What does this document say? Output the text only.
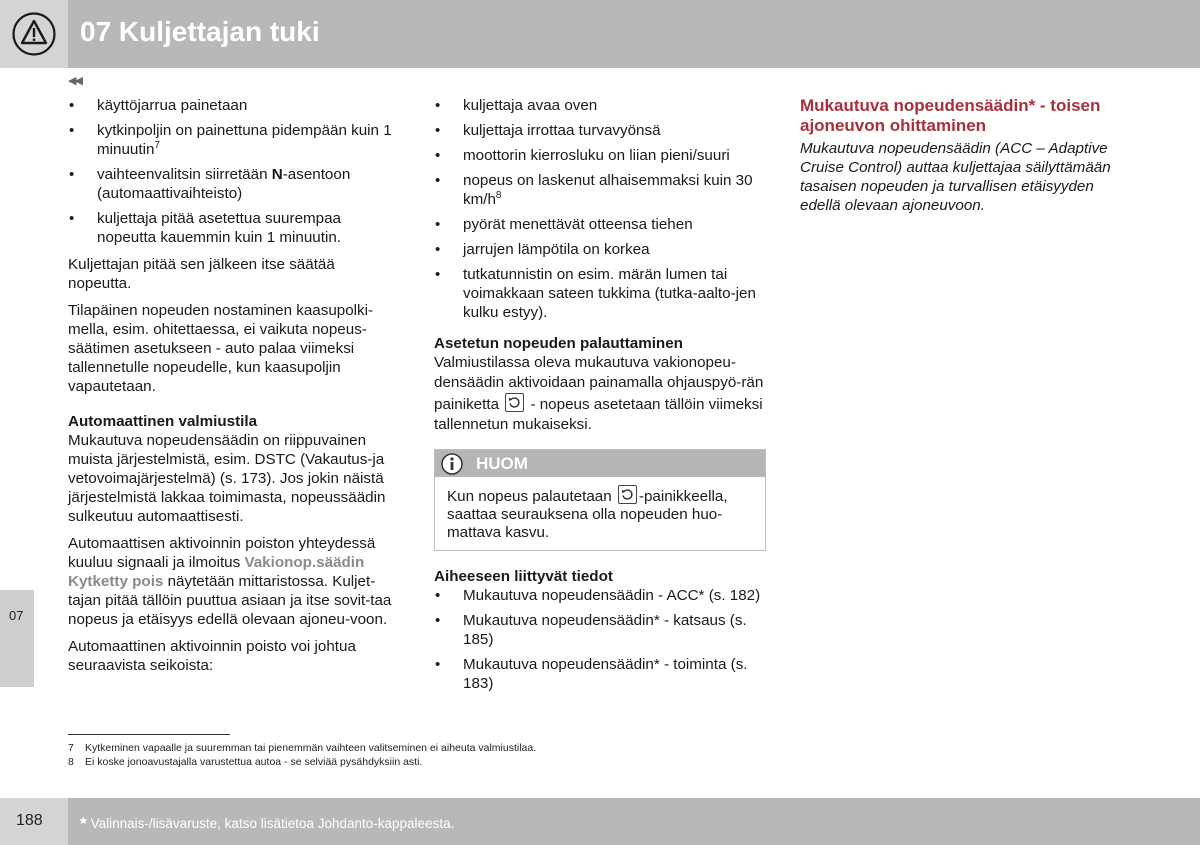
07 Kuljettajan tuki
07
◀◀
• käyttöjarrua painetaan
• kytkinpoljin on painettuna pidempään kuin 1 minuutin$^7$
• vaihteenvalitsin siirretään N-asentoon (automaattivaihteisto)
• kuljettaja pitää asetettua suurempaa nopeutta kauemmin kuin 1 minuutin.

Kuljettajan pitää sen jälkeen itse säätää nopeutta.

Tilapäinen nopeuden nostaminen kaasupolki-mella, esim. ohitettaessa, ei vaikuta nopeus-säätimen asetukseen - auto palaa viimeksi tallennetulle nopeudelle, kun kaasupoljin vapautetaan.

Automaattinen valmiustila

Mukautuva nopeudensäädin on riippuvainen muista järjestelmistä, esim. DSTC (Vakautus-ja vetovoimajärjestelmä) (s. 173). Jos jokin näistä järjestelmistä lakkaa toimimasta, nopeussäädin sulkeutuu automaattisesti.

Automaattisen aktivoinnin poiston yhteydessä kuuluu signaali ja ilmoitus Vakionop.säädin Kytketty pois näytetään mittaristossa. Kuljet-tajan pitää tällöin puuttua asiaan ja itse sovit-taa nopeus ja etäisyys edellä olevaan ajoneu-voon.

Automaattinen aktivoinnin poisto voi johtua seuraavista seikoista:

• kuljettaja avaa oven
• kuljettaja irrottaa turvavyönsä
• moottorin kierrosluku on liian pieni/suuri
• nopeus on laskenut alhaisemmaksi kuin 30 $km/h^8$
• pyörät menettävät otteensa tiehen
• jarrujen lämpötila on korkea
• tutkatunnistin on esim. märän lumen tai voimakkaan sateen tukkima (tutka-aalto-jen kulku estyy).
Asetetun nopeuden palauttaminen

Valmiustilassa oleva mukautuva vakionopeu-densäädin aktivoidaan painamalla ohjauspyö-rän painiketta
- nopeus asetetaan tällöin viimeksi tallennetun mukaiseksi.

HUOM
Kun nopeus palautetaan
-painikkeella, saattaa seurauksena olla nopeuden huo-mattava kasvu.
Aiheeseen liittyvät tiedot
• Mukautuva nopeudensäädin - ACC* (s. 182)
• Mukautuva nopeudensäädin* - katsaus (s. 185)
• Mukautuva nopeudensäädin* - toiminta (s. 183)
Mukautuva nopeudensäädin* - toisen ajoneuvon ohittaminen

Mukautuva nopeudensäädin (ACC – Adaptive Cruise Control) auttaa kuljettajaa säilyttämään tasaisen nopeuden ja turvallisen etäisyyden edellä olevaan ajoneuvoon.

7 Kytkeminen vapaalle ja suuremman tai pienemmän vaihteen valitseminen ei aiheuta valmiustilaa.
8 Ei koske jonoavustajalla varustettua autoa - se selviää pysähdyksiin asti.
188 * Valinnais-/lisävaruste, katso lisätietoa Johdanto-kappaleesta.
